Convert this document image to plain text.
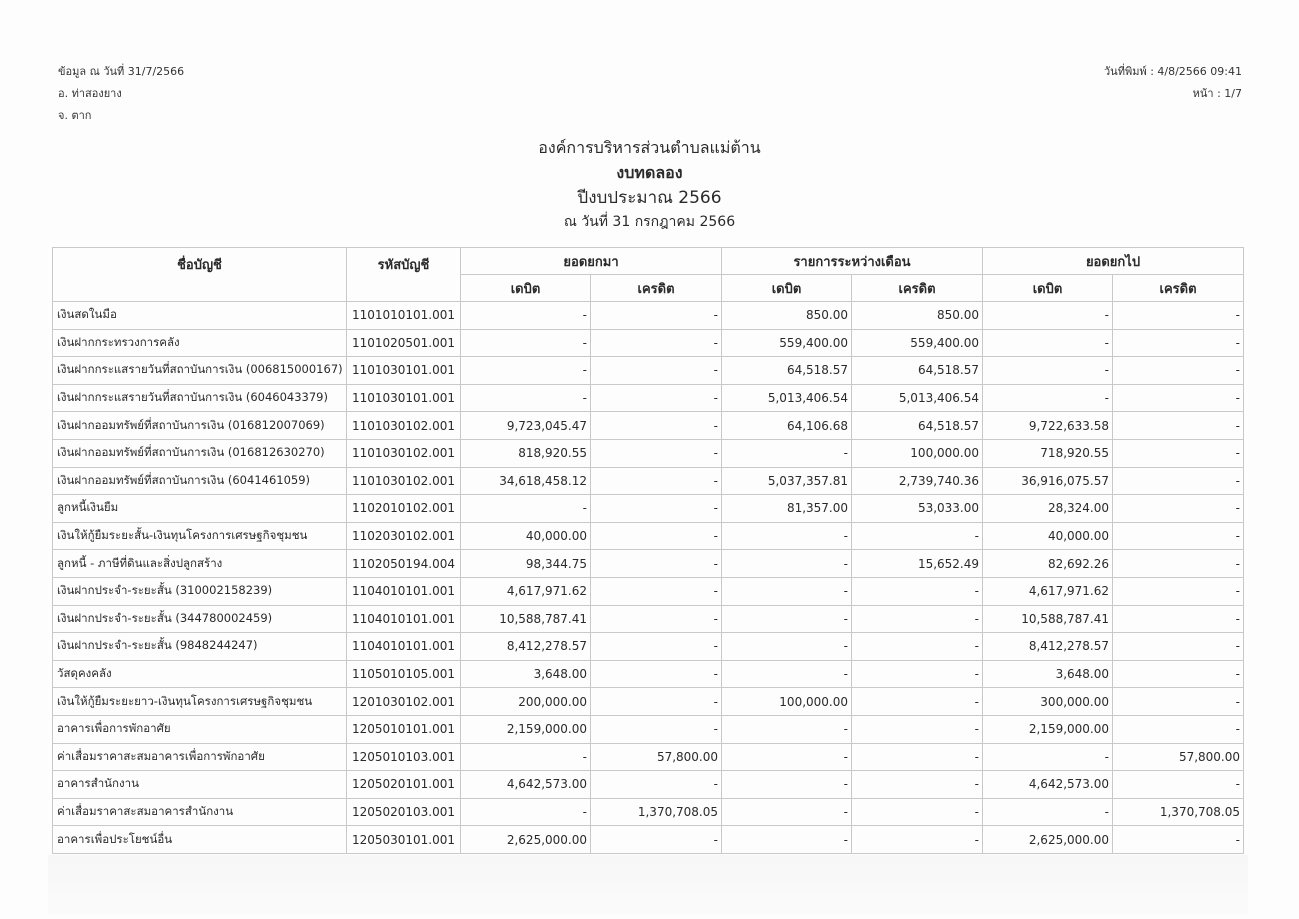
ข้อมูล ณ วันที่ 31/7/2566
อ. ท่าสองยาง
จ. ตาก
วันที่พิมพ์ : 4/8/2566 09:41
หน้า : 1/7
องค์การบริหารส่วนตำบลแม่ต้าน
งบทดลอง
ปีงบประมาณ 2566
ณ วันที่ 31 กรกฎาคม 2566
ชื่อบัญชี	รหัสบัญชี	ยอดยกมา		รายการระหว่างเดือน		ยอดยกไป	
		เดบิต	เครดิต	เดบิต	เครดิต	เดบิต	เครดิต
เงินสดในมือ	1101010101.001	-	-	850.00	850.00	-	-
เงินฝากกระทรวงการคลัง	1101020501.001	-	-	559,400.00	559,400.00	-	-
เงินฝากกระแสรายวันที่สถาบันการเงิน (006815000167)	1101030101.001	-	-	64,518.57	64,518.57	-	-
เงินฝากกระแสรายวันที่สถาบันการเงิน (6046043379)	1101030101.001	-	-	5,013,406.54	5,013,406.54	-	-
เงินฝากออมทรัพย์ที่สถาบันการเงิน (016812007069)	1101030102.001	9,723,045.47	-	64,106.68	64,518.57	9,722,633.58	-
เงินฝากออมทรัพย์ที่สถาบันการเงิน (016812630270)	1101030102.001	818,920.55	-	-	100,000.00	718,920.55	-
เงินฝากออมทรัพย์ที่สถาบันการเงิน (6041461059)	1101030102.001	34,618,458.12	-	5,037,357.81	2,739,740.36	36,916,075.57	-
ลูกหนี้เงินยืม	1102010102.001	-	-	81,357.00	53,033.00	28,324.00	-
เงินให้กู้ยืมระยะสั้น-เงินทุนโครงการเศรษฐกิจชุมชน	1102030102.001	40,000.00	-	-	-	40,000.00	-
ลูกหนี้ - ภาษีที่ดินและสิ่งปลูกสร้าง	1102050194.004	98,344.75	-	-	15,652.49	82,692.26	-
เงินฝากประจำ-ระยะสั้น (310002158239)	1104010101.001	4,617,971.62	-	-	-	4,617,971.62	-
เงินฝากประจำ-ระยะสั้น (344780002459)	1104010101.001	10,588,787.41	-	-	-	10,588,787.41	-
เงินฝากประจำ-ระยะสั้น (9848244247)	1104010101.001	8,412,278.57	-	-	-	8,412,278.57	-
วัสดุคงคลัง	1105010105.001	3,648.00	-	-	-	3,648.00	-
เงินให้กู้ยืมระยะยาว-เงินทุนโครงการเศรษฐกิจชุมชน	1201030102.001	200,000.00	-	100,000.00	-	300,000.00	-
อาคารเพื่อการพักอาศัย	1205010101.001	2,159,000.00	-	-	-	2,159,000.00	-
ค่าเสื่อมราคาสะสมอาคารเพื่อการพักอาศัย	1205010103.001	-	57,800.00	-	-	-	57,800.00
อาคารสำนักงาน	1205020101.001	4,642,573.00	-	-	-	4,642,573.00	-
ค่าเสื่อมราคาสะสมอาคารสำนักงาน	1205020103.001	-	1,370,708.05	-	-	-	1,370,708.05
อาคารเพื่อประโยชน์อื่น	1205030101.001	2,625,000.00	-	-	-	2,625,000.00	-
